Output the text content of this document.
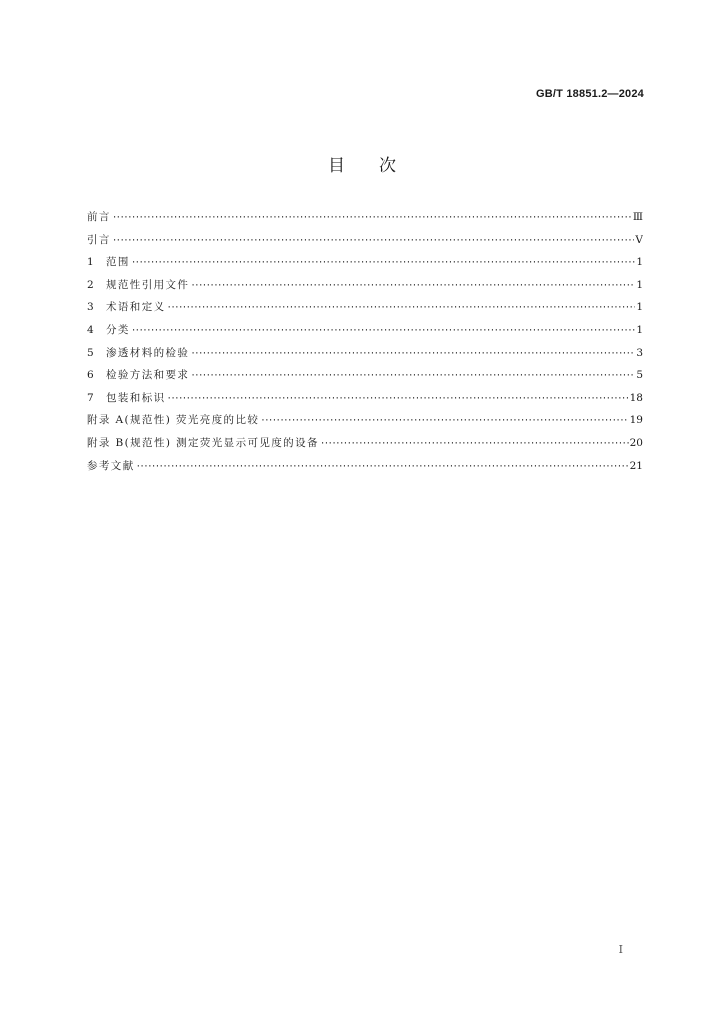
GB/T 18851.2—2024
目次
前言 ·····	Ⅲ
引言 ·····	Ⅴ
1	范围 ·····	1
2	规范性引用文件 ·····	1
3	术语和定义 ·····	1
4	分类 ·····	1
5	渗透材料的检验 ·····	3
6	检验方法和要求 ·····	5
7	包装和标识 ·····	18
附录 A(规范性) 荧光亮度的比较 ·····	19
附录 B(规范性) 测定荧光显示可见度的设备 ·····	20
参考文献 ·····	21
I
